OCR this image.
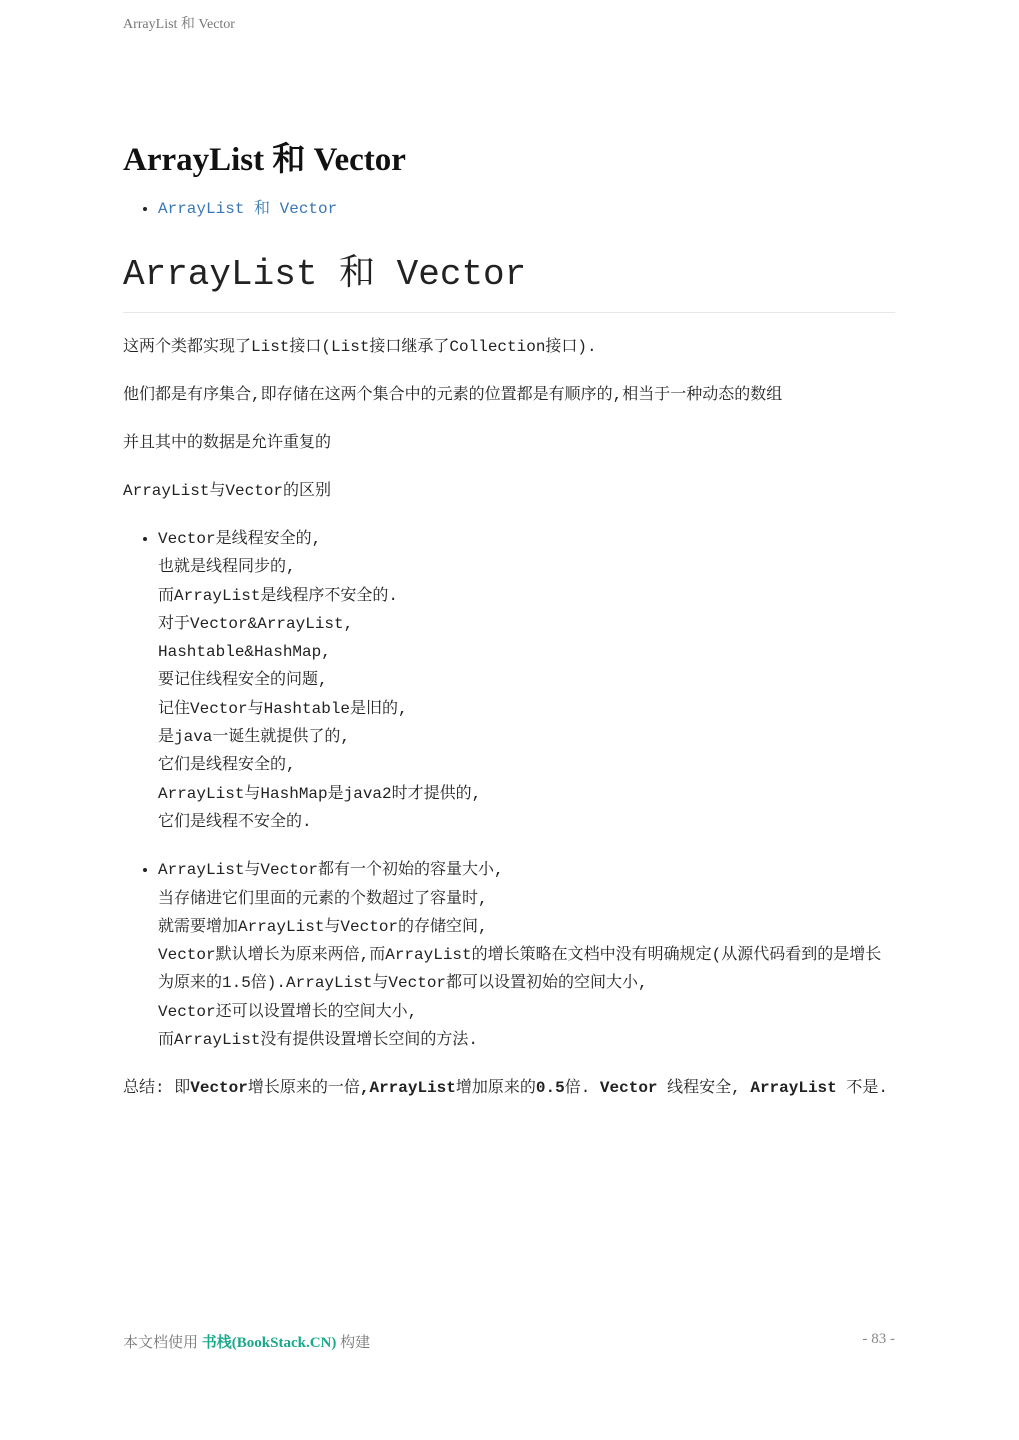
ArrayList 和 Vector
ArrayList 和 Vector
• ArrayList 和 Vector
ArrayList 和 Vector

这两个类都实现了List接口(List接口继承了Collection接口).

他们都是有序集合,即存储在这两个集合中的元素的位置都是有顺序的,相当于一种动态的数组

并且其中的数据是允许重复的

ArrayList与Vector的区别

• Vector是线程安全的,
也就是线程同步的,
而ArrayList是线程序不安全的.
对于Vector&ArrayList,
Hashtable&HashMap,
要记住线程安全的问题,
记住Vector与Hashtable是旧的,
是java一诞生就提供了的,
它们是线程安全的,
ArrayList与HashMap是java2时才提供的,
它们是线程不安全的.
• ArrayList与Vector都有一个初始的容量大小,
当存储进它们里面的元素的个数超过了容量时,
就需要增加ArrayList与Vector的存储空间,
Vector默认增长为原来两倍,而ArrayList的增长策略在文档中没有明确规定(从源代码看到的是增长为原来的1.5倍).ArrayList与Vector都可以设置初始的空间大小,
Vector还可以设置增长的空间大小,
而ArrayList没有提供设置增长空间的方法.

总结: 即Vector增长原来的一倍,ArrayList增加原来的0.5倍. Vector 线程安全, ArrayList 不是.

本文档使用 书栈(BookStack.CN) 构建	- 83 -
